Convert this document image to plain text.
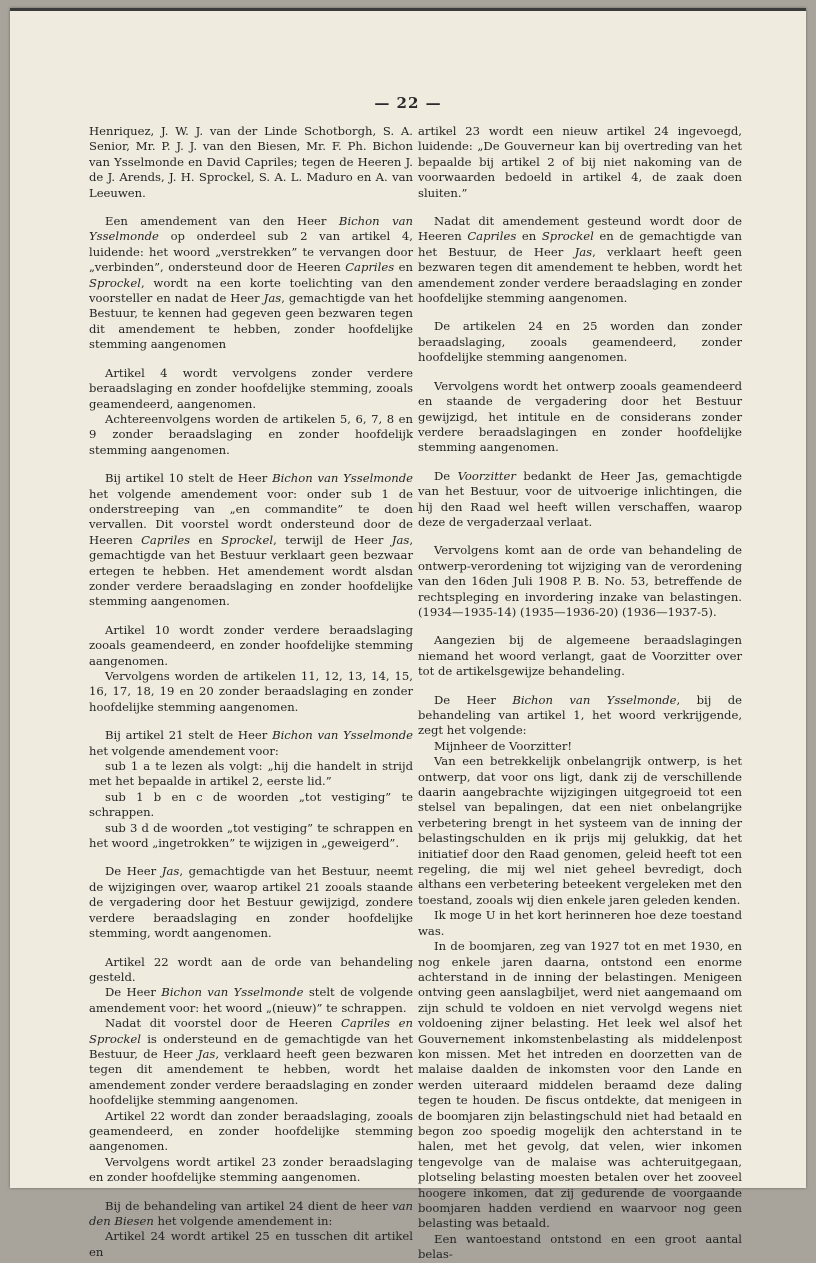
— 22 —

Henriquez, J. W. J. van der Linde Schotborgh, S. A. Senior, Mr. P. J. J. van den Biesen, Mr. F. Ph. Bichon van Ysselmonde en David Capriles; tegen de Heeren J. de J. Arends, J. H. Sprockel, S. A. L. Maduro en A. van Leeuwen.

Een amendement van den Heer Bichon van Ysselmonde op onderdeel sub 2 van artikel 4, luidende: het woord „verstrekken” te vervangen door „verbinden”, ondersteund door de Heeren Capriles en Sprockel, wordt na een korte toelichting van den voorsteller en nadat de Heer Jas, gemachtigde van het Bestuur, te kennen had gegeven geen bezwaren tegen dit amendement te hebben, zonder hoofdelijke stemming aangenomen

Artikel 4 wordt vervolgens zonder verdere beraadslaging en zonder hoofdelijke stemming, zooals geamendeerd, aangenomen.

Achtereenvolgens worden de artikelen 5, 6, 7, 8 en 9 zonder beraadslaging en zonder hoofdelijk stemming aangenomen.

Bij artikel 10 stelt de Heer Bichon van Ysselmonde het volgende amendement voor: onder sub 1 de onderstreeping van „en commandite” te doen vervallen. Dit voorstel wordt ondersteund door de Heeren Capriles en Sprockel, terwijl de Heer Jas, gemachtigde van het Bestuur verklaart geen bezwaar ertegen te hebben. Het amendement wordt alsdan zonder verdere beraadslaging en zonder hoofdelijke stemming aangenomen.

Artikel 10 wordt zonder verdere beraadslaging zooals geamendeerd, en zonder hoofdelijke stemming aangenomen.

Vervolgens worden de artikelen 11, 12, 13, 14, 15, 16, 17, 18, 19 en 20 zonder beraadslaging en zonder hoofdelijke stemming aangenomen.

Bij artikel 21 stelt de Heer Bichon van Ysselmonde het volgende amendement voor:

sub 1 a te lezen als volgt: „hij die handelt in strijd met het bepaalde in artikel 2, eerste lid.”

sub 1 b en c de woorden „tot vestiging” te schrappen.

sub 3 d de woorden „tot vestiging” te schrappen en het woord „ingetrokken” te wijzigen in „geweigerd”.

De Heer Jas, gemachtigde van het Bestuur, neemt de wijzigingen over, waarop artikel 21 zooals staande de vergadering door het Bestuur gewijzigd, zondere verdere beraadslaging en zonder hoofdelijke stemming, wordt aangenomen.

Artikel 22 wordt aan de orde van behandeling gesteld.

De Heer Bichon van Ysselmonde stelt de volgende amendement voor: het woord „(nieuw)” te schrappen.

Nadat dit voorstel door de Heeren Capriles en Sprockel is ondersteund en de gemachtigde van het Bestuur, de Heer Jas, verklaard heeft geen bezwaren tegen dit amendement te hebben, wordt het amendement zonder verdere beraadslaging en zonder hoofdelijke stemming aangenomen.

Artikel 22 wordt dan zonder beraadslaging, zooals geamendeerd, en zonder hoofdelijke stemming aangenomen.

Vervolgens wordt artikel 23 zonder beraadslaging en zonder hoofdelijke stemming aangenomen.

Bij de behandeling van artikel 24 dient de heer van den Biesen het volgende amendement in:

Artikel 24 wordt artikel 25 en tusschen dit artikel en

artikel 23 wordt een nieuw artikel 24 ingevoegd, luidende: „De Gouverneur kan bij overtreding van het bepaalde bij artikel 2 of bij niet nakoming van de voorwaarden bedoeld in artikel 4, de zaak doen sluiten.”

Nadat dit amendement gesteund wordt door de Heeren Capriles en Sprockel en de gemachtigde van het Bestuur, de Heer Jas, verklaart heeft geen bezwaren tegen dit amendement te hebben, wordt het amendement zonder verdere beraadslaging en zonder hoofdelijke stemming aangenomen.

De artikelen 24 en 25 worden dan zonder beraadslaging, zooals geamendeerd, zonder hoofdelijke stemming aangenomen.

Vervolgens wordt het ontwerp zooals geamendeerd en staande de vergadering door het Bestuur gewijzigd, het intitule en de considerans zonder verdere beraadslagingen en zonder hoofdelijke stemming aangenomen.

De Voorzitter bedankt de Heer Jas, gemachtigde van het Bestuur, voor de uitvoerige inlichtingen, die hij den Raad wel heeft willen verschaffen, waarop deze de vergaderzaal verlaat.

Vervolgens komt aan de orde van behandeling de ontwerp-verordening tot wijziging van de verordening van den 16den Juli 1908 P. B. No. 53, betreffende de rechtspleging en invordering inzake van belastingen. (1934—1935-14) (1935—1936-20) (1936—1937-5).

Aangezien bij de algemeene beraadslagingen niemand het woord verlangt, gaat de Voorzitter over tot de artikelsgewijze behandeling.

De Heer Bichon van Ysselmonde, bij de behandeling van artikel 1, het woord verkrijgende, zegt het volgende:

Mijnheer de Voorzitter!

Van een betrekkelijk onbelangrijk ontwerp, is het ontwerp, dat voor ons ligt, dank zij de verschillende daarin aangebrachte wijzigingen uitgegroeid tot een stelsel van bepalingen, dat een niet onbelangrijke verbetering brengt in het systeem van de inning der belastingschulden en ik prijs mij gelukkig, dat het initiatief door den Raad genomen, geleid heeft tot een regeling, die mij wel niet geheel bevredigt, doch althans een verbetering beteekent vergeleken met den toestand, zooals wij dien enkele jaren geleden kenden.

Ik moge U in het kort herinneren hoe deze toestand was.

In de boomjaren, zeg van 1927 tot en met 1930, en nog enkele jaren daarna, ontstond een enorme achterstand in de inning der belastingen. Menigeen ontving geen aanslagbiljet, werd niet aangemaand om zijn schuld te voldoen en niet vervolgd wegens niet voldoening zijner belasting. Het leek wel alsof het Gouvernement inkomstenbelasting als middelenpost kon missen. Met het intreden en doorzetten van de malaise daalden de inkomsten voor den Lande en werden uiteraard middelen beraamd deze daling tegen te houden. De fiscus ontdekte, dat menigeen in de boomjaren zijn belastingschuld niet had betaald en begon zoo spoedig mogelijk den achterstand in te halen, met het gevolg, dat velen, wier inkomen tengevolge van de malaise was achteruitgegaan, plotseling belasting moesten betalen over het zooveel hoogere inkomen, dat zij gedurende de voorgaande boomjaren hadden verdiend en waarvoor nog geen belasting was betaald.

Een wantoestand ontstond en een groot aantal belas-
